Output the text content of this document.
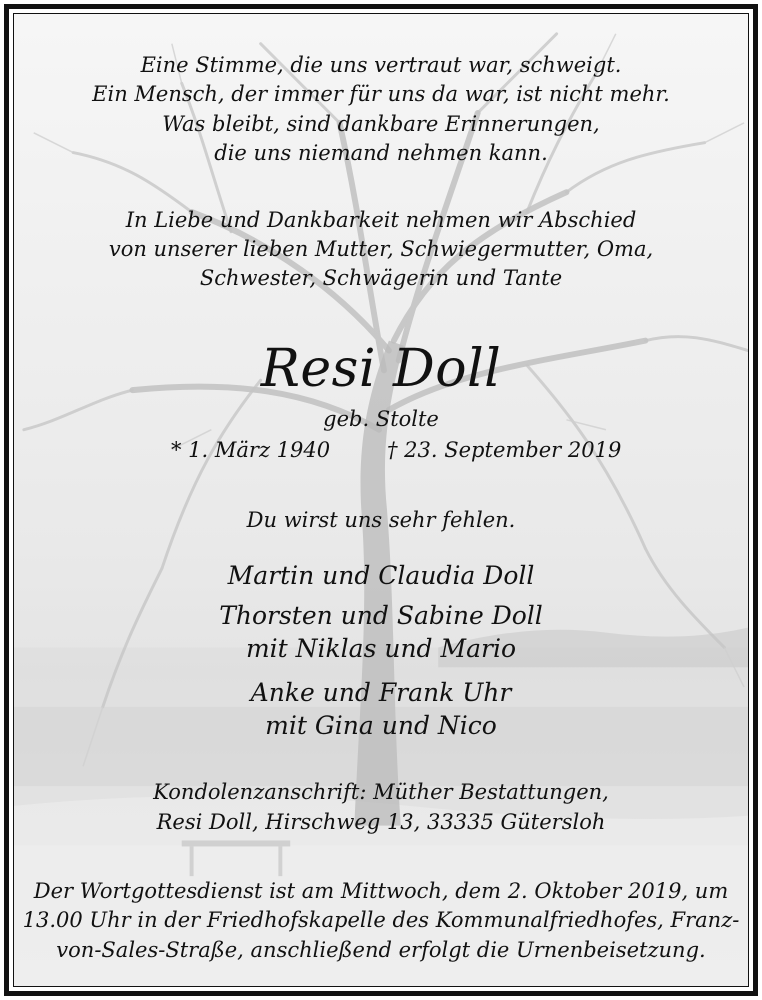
Eine Stimme, die uns vertraut war, schweigt.
Ein Mensch, der immer für uns da war, ist nicht mehr.
Was bleibt, sind dankbare Erinnerungen,
die uns niemand nehmen kann.
In Liebe und Dankbarkeit nehmen wir Abschied
von unserer lieben Mutter, Schwiegermutter, Oma,
Schwester, Schwägerin und Tante
Resi Doll
geb. Stolte
* 1. März 1940	† 23. September 2019
Du wirst uns sehr fehlen.
Martin und Claudia Doll
Thorsten und Sabine Doll
mit Niklas und Mario
Anke und Frank Uhr
mit Gina und Nico
Kondolenzanschrift: Müther Bestattungen,
Resi Doll, Hirschweg 13, 33335 Gütersloh
Der Wortgottesdienst ist am Mittwoch, dem 2. Oktober 2019, um
13.00 Uhr in der Friedhofskapelle des Kommunalfriedhofes, Franz-
von-Sales-Straße, anschließend erfolgt die Urnenbeisetzung.
